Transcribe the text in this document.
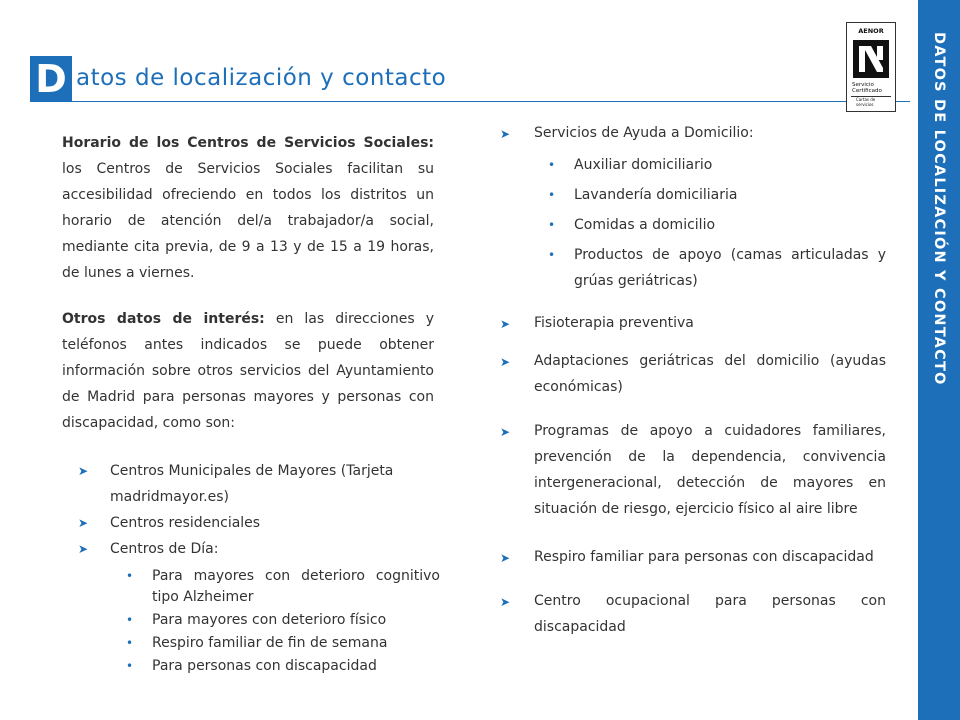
D atos de localización y contacto
AENOR
Servicio
Certificado
Cartas de servicios	DATOS DE LOCALIZACIÓN Y CONTACTO

Horario de los Centros de Servicios Sociales: los Centros de Servicios Sociales facilitan su accesibilidad ofreciendo en todos los distritos un horario de atención del/a trabajador/a social, mediante cita previa, de 9 a 13 y de 15 a 19 horas, de lunes a viernes.

Otros datos de interés: en las direcciones y teléfonos antes indicados se puede obtener información sobre otros servicios del Ayuntamiento de Madrid para personas mayores y personas con discapacidad, como son:

➤ Centros Municipales de Mayores (Tarjeta madridmayor.es)
➤ Centros residenciales
➤ Centros de Día:
• Para mayores con deterioro cognitivo tipo Alzheimer
• Para mayores con deterioro físico
• Respiro familiar de fin de semana
• Para personas con discapacidad
➤ Servicios de Ayuda a Domicilio:
• Auxiliar domiciliario
• Lavandería domiciliaria
• Comidas a domicilio
• Productos de apoyo (camas articuladas y grúas geriátricas)
➤ Fisioterapia preventiva
➤ Adaptaciones geriátricas del domicilio (ayudas económicas)
➤ Programas de apoyo a cuidadores familiares, prevención de la dependencia, convivencia intergeneracional, detección de mayores en situación de riesgo, ejercicio físico al aire libre
➤ Respiro familiar para personas con discapacidad
➤ Centro ocupacional para personas con discapacidad
